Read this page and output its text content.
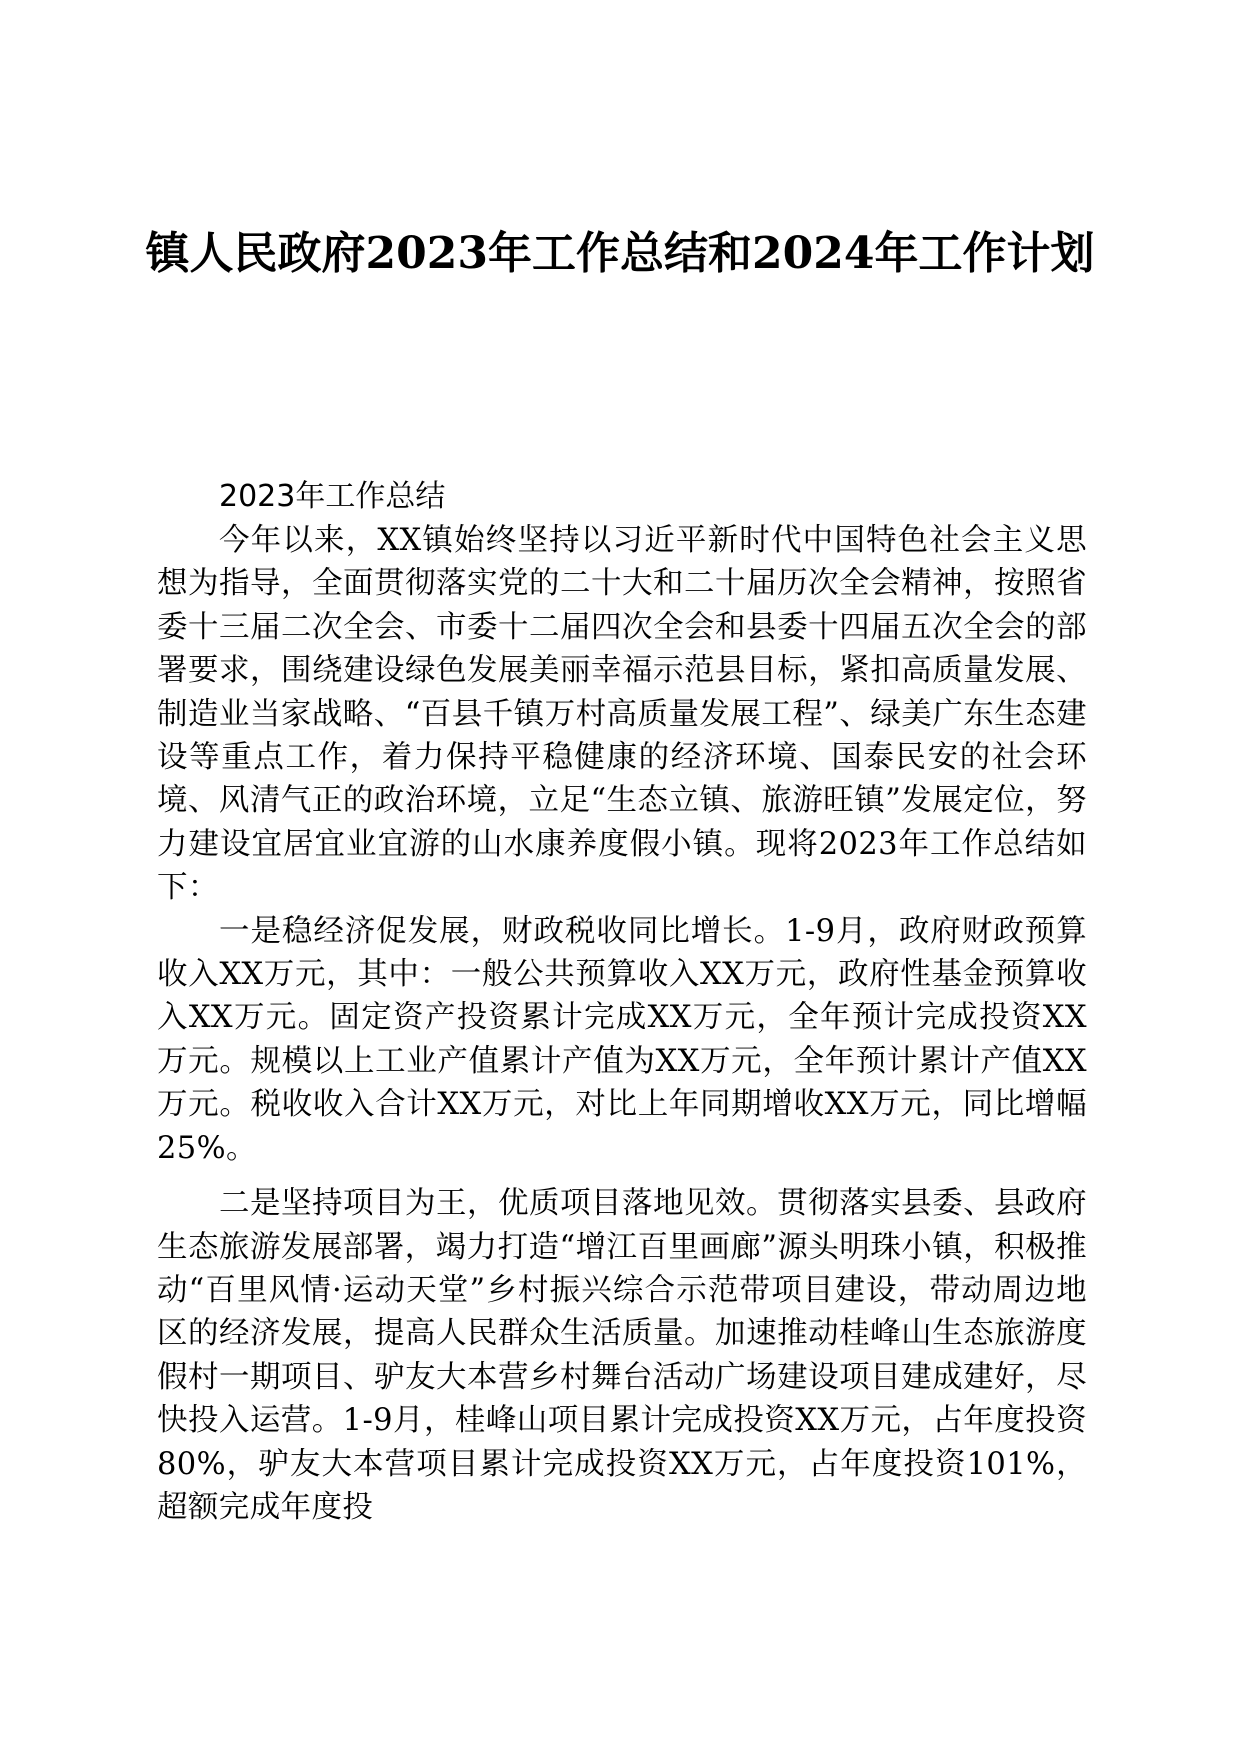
镇人民政府2023年工作总结和2024年工作计划
2023年工作总结

今年以来，XX镇始终坚持以习近平新时代中国特色社会主义思想为指导，全面贯彻落实党的二十大和二十届历次全会精神，按照省委十三届二次全会、市委十二届四次全会和县委十四届五次全会的部署要求，围绕建设绿色发展美丽幸福示范县目标，紧扣高质量发展、制造业当家战略、“百县千镇万村高质量发展工程”、绿美广东生态建设等重点工作，着力保持平稳健康的经济环境、国泰民安的社会环境、风清气正的政治环境，立足“生态立镇、旅游旺镇”发展定位，努力建设宜居宜业宜游的山水康养度假小镇。现将2023年工作总结如下：

一是稳经济促发展，财政税收同比增长。1-9月，政府财政预算收入XX万元，其中：一般公共预算收入XX万元，政府性基金预算收入XX万元。固定资产投资累计完成XX万元，全年预计完成投资XX万元。规模以上工业产值累计产值为XX万元，全年预计累计产值XX万元。税收收入合计XX万元，对比上年同期增收XX万元，同比增幅25%。

二是坚持项目为王，优质项目落地见效。贯彻落实县委、县政府生态旅游发展部署，竭力打造“增江百里画廊”源头明珠小镇，积极推动“百里风情·运动天堂”乡村振兴综合示范带项目建设，带动周边地区的经济发展，提高人民群众生活质量。加速推动桂峰山生态旅游度假村一期项目、驴友大本营乡村舞台活动广场建设项目建成建好，尽快投入运营。1-9月，桂峰山项目累计完成投资XX万元，占年度投资80%，驴友大本营项目累计完成投资XX万元，占年度投资101%，超额完成年度投
